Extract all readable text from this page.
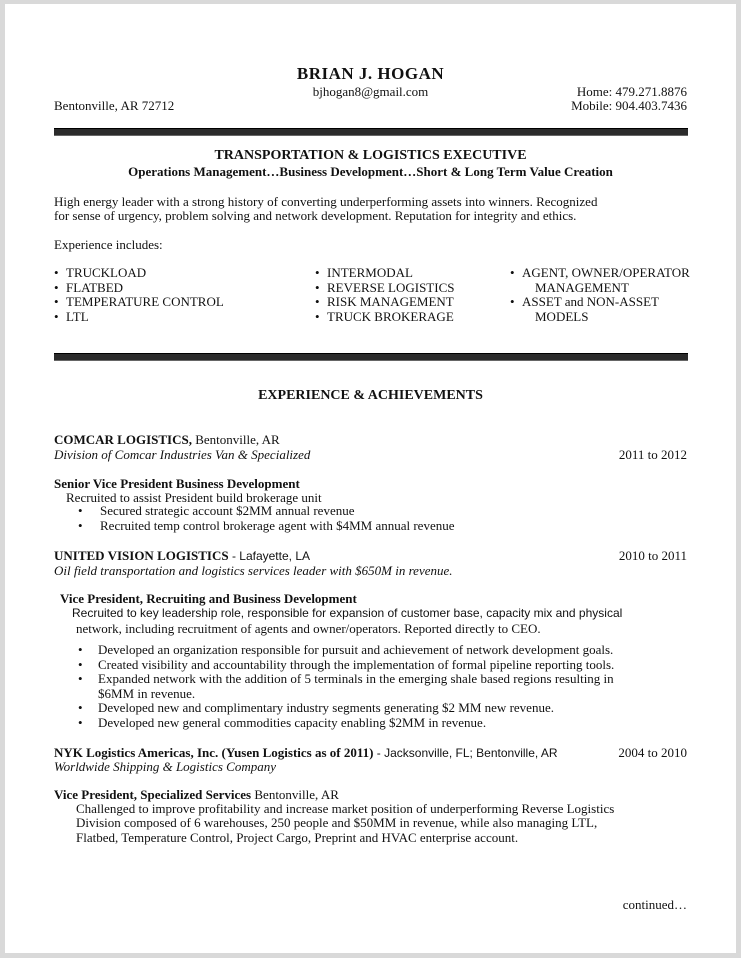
BRIAN J. HOGAN
bjhogan8@gmail.com	Home: 479.271.8876
Bentonville, AR 72712	Mobile: 904.403.7436
TRANSPORTATION & LOGISTICS EXECUTIVE
Operations Management…Business Development…Short & Long Term Value Creation
High energy leader with a strong history of converting underperforming assets into winners. Recognized
for sense of urgency, problem solving and network development. Reputation for integrity and ethics.
Experience includes:
• TRUCKLOAD
• FLATBED
• TEMPERATURE CONTROL
• LTL
• INTERMODAL
• REVERSE LOGISTICS
• RISK MANAGEMENT
• TRUCK BROKERAGE
• AGENT, OWNER/OPERATOR
MANAGEMENT
• ASSET and NON-ASSET
MODELS
EXPERIENCE & ACHIEVEMENTS
COMCAR LOGISTICS, Bentonville, AR
Division of Comcar Industries Van & Specialized	2011 to 2012
Senior Vice President Business Development
Recruited to assist President build brokerage unit
• Secured strategic account $2MM annual revenue
• Recruited temp control brokerage agent with $4MM annual revenue
UNITED VISION LOGISTICS - Lafayette, LA	2010 to 2011
Oil field transportation and logistics services leader with $650M in revenue.
Vice President, Recruiting and Business Development
Recruited to key leadership role, responsible for expansion of customer base, capacity mix and physical
network, including recruitment of agents and owner/operators. Reported directly to CEO.
• Developed an organization responsible for pursuit and achievement of network development goals.
• Created visibility and accountability through the implementation of formal pipeline reporting tools.
• Expanded network with the addition of 5 terminals in the emerging shale based regions resulting in
$6MM in revenue.
• Developed new and complimentary industry segments generating $2 MM new revenue.
• Developed new general commodities capacity enabling $2MM in revenue.
NYK Logistics Americas, Inc. (Yusen Logistics as of 2011) - Jacksonville, FL; Bentonville, AR	2004 to 2010
Worldwide Shipping & Logistics Company
Vice President, Specialized Services Bentonville, AR
Challenged to improve profitability and increase market position of underperforming Reverse Logistics
Division composed of 6 warehouses, 250 people and $50MM in revenue, while also managing LTL,
Flatbed, Temperature Control, Project Cargo, Preprint and HVAC enterprise account.
continued…
